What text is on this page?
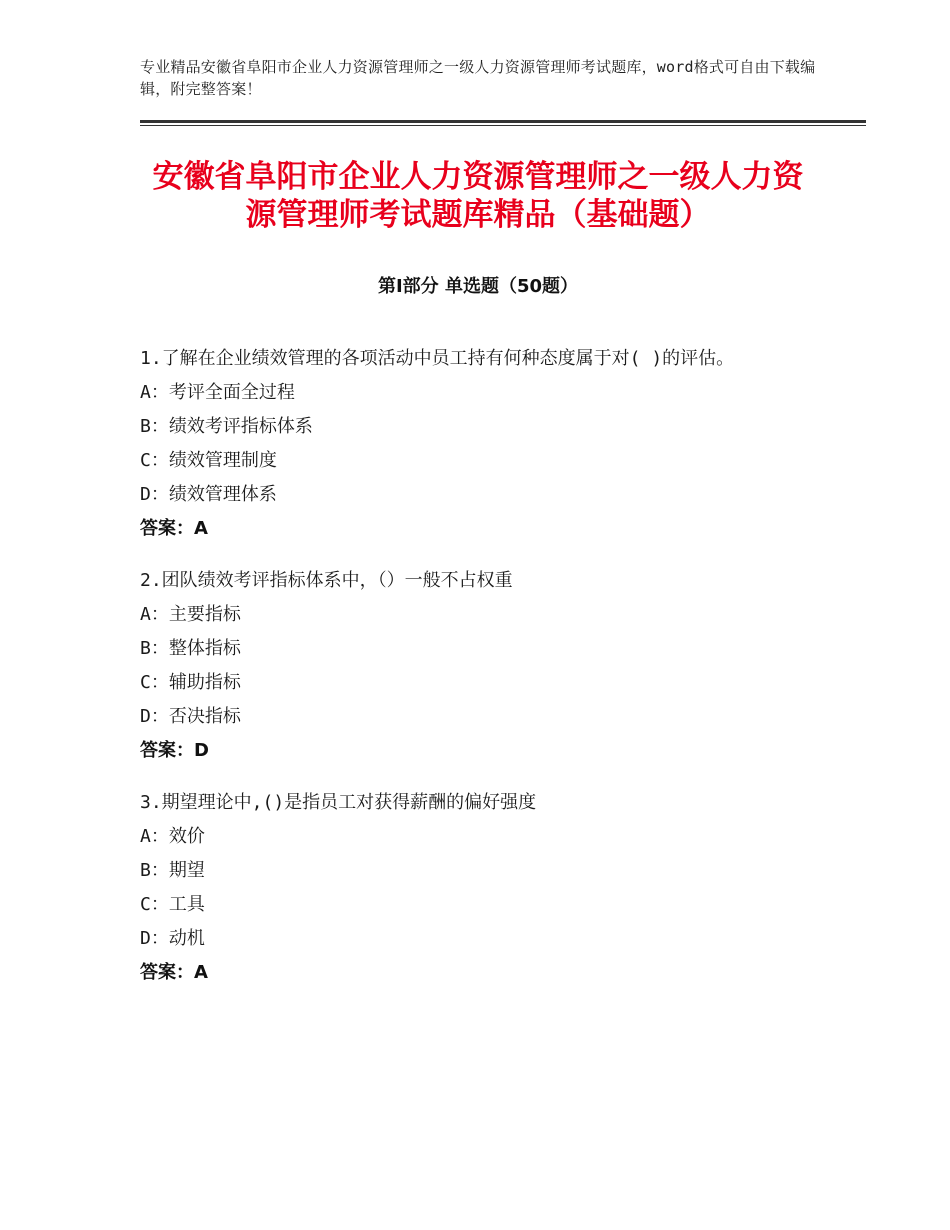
专业精品安徽省阜阳市企业人力资源管理师之一级人力资源管理师考试题库，word格式可自由下载编辑，附完整答案！
安徽省阜阳市企业人力资源管理师之一级人力资源管理师考试题库精品（基础题）
第Ⅰ部分 单选题（50题）
1.了解在企业绩效管理的各项活动中员工持有何种态度属于对( )的评估。
A：考评全面全过程
B：绩效考评指标体系
C：绩效管理制度
D：绩效管理体系
答案：A
2.团队绩效考评指标体系中，（）一般不占权重
A：主要指标
B：整体指标
C：辅助指标
D：否决指标
答案：D
3.期望理论中,()是指员工对获得薪酬的偏好强度
A：效价
B：期望
C：工具
D：动机
答案：A
